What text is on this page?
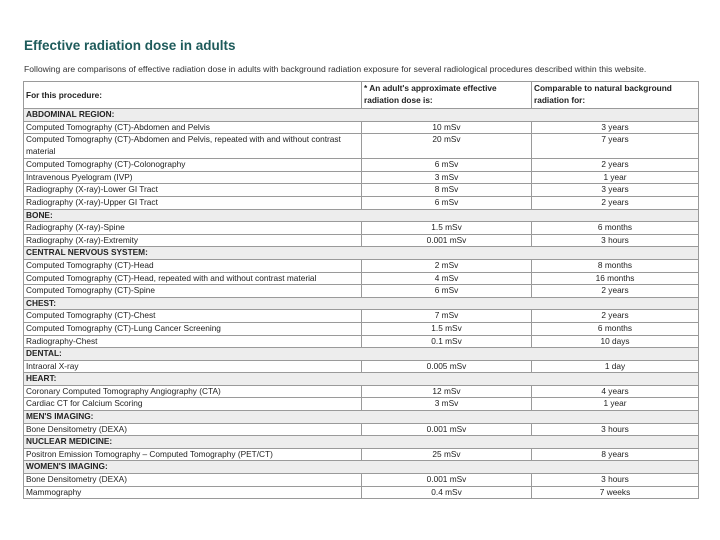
Effective radiation dose in adults

Following are comparisons of effective radiation dose in adults with background radiation exposure for several radiological procedures described within this website.

For this procedure:	* An adult's approximate effective radiation dose is:	Comparable to natural background radiation for:
ABDOMINAL REGION:		
Computed Tomography (CT)-Abdomen and Pelvis	10 mSv	3 years
Computed Tomography (CT)-Abdomen and Pelvis, repeated with and without contrast material	20 mSv	7 years
Computed Tomography (CT)-Colonography	6 mSv	2 years
Intravenous Pyelogram (IVP)	3 mSv	1 year
Radiography (X-ray)-Lower GI Tract	8 mSv	3 years
Radiography (X-ray)-Upper GI Tract	6 mSv	2 years
BONE:		
Radiography (X-ray)-Spine	1.5 mSv	6 months
Radiography (X-ray)-Extremity	0.001 mSv	3 hours
CENTRAL NERVOUS SYSTEM:		
Computed Tomography (CT)-Head	2 mSv	8 months
Computed Tomography (CT)-Head, repeated with and without contrast material	4 mSv	16 months
Computed Tomography (CT)-Spine	6 mSv	2 years
CHEST:		
Computed Tomography (CT)-Chest	7 mSv	2 years
Computed Tomography (CT)-Lung Cancer Screening	1.5 mSv	6 months
Radiography-Chest	0.1 mSv	10 days
DENTAL:		
Intraoral X-ray	0.005 mSv	1 day
HEART:		
Coronary Computed Tomography Angiography (CTA)	12 mSv	4 years
Cardiac CT for Calcium Scoring	3 mSv	1 year
MEN'S IMAGING:		
Bone Densitometry (DEXA)	0.001 mSv	3 hours
NUCLEAR MEDICINE:		
Positron Emission Tomography – Computed Tomography (PET/CT)	25 mSv	8 years
WOMEN'S IMAGING:		
Bone Densitometry (DEXA)	0.001 mSv	3 hours
Mammography	0.4 mSv	7 weeks
